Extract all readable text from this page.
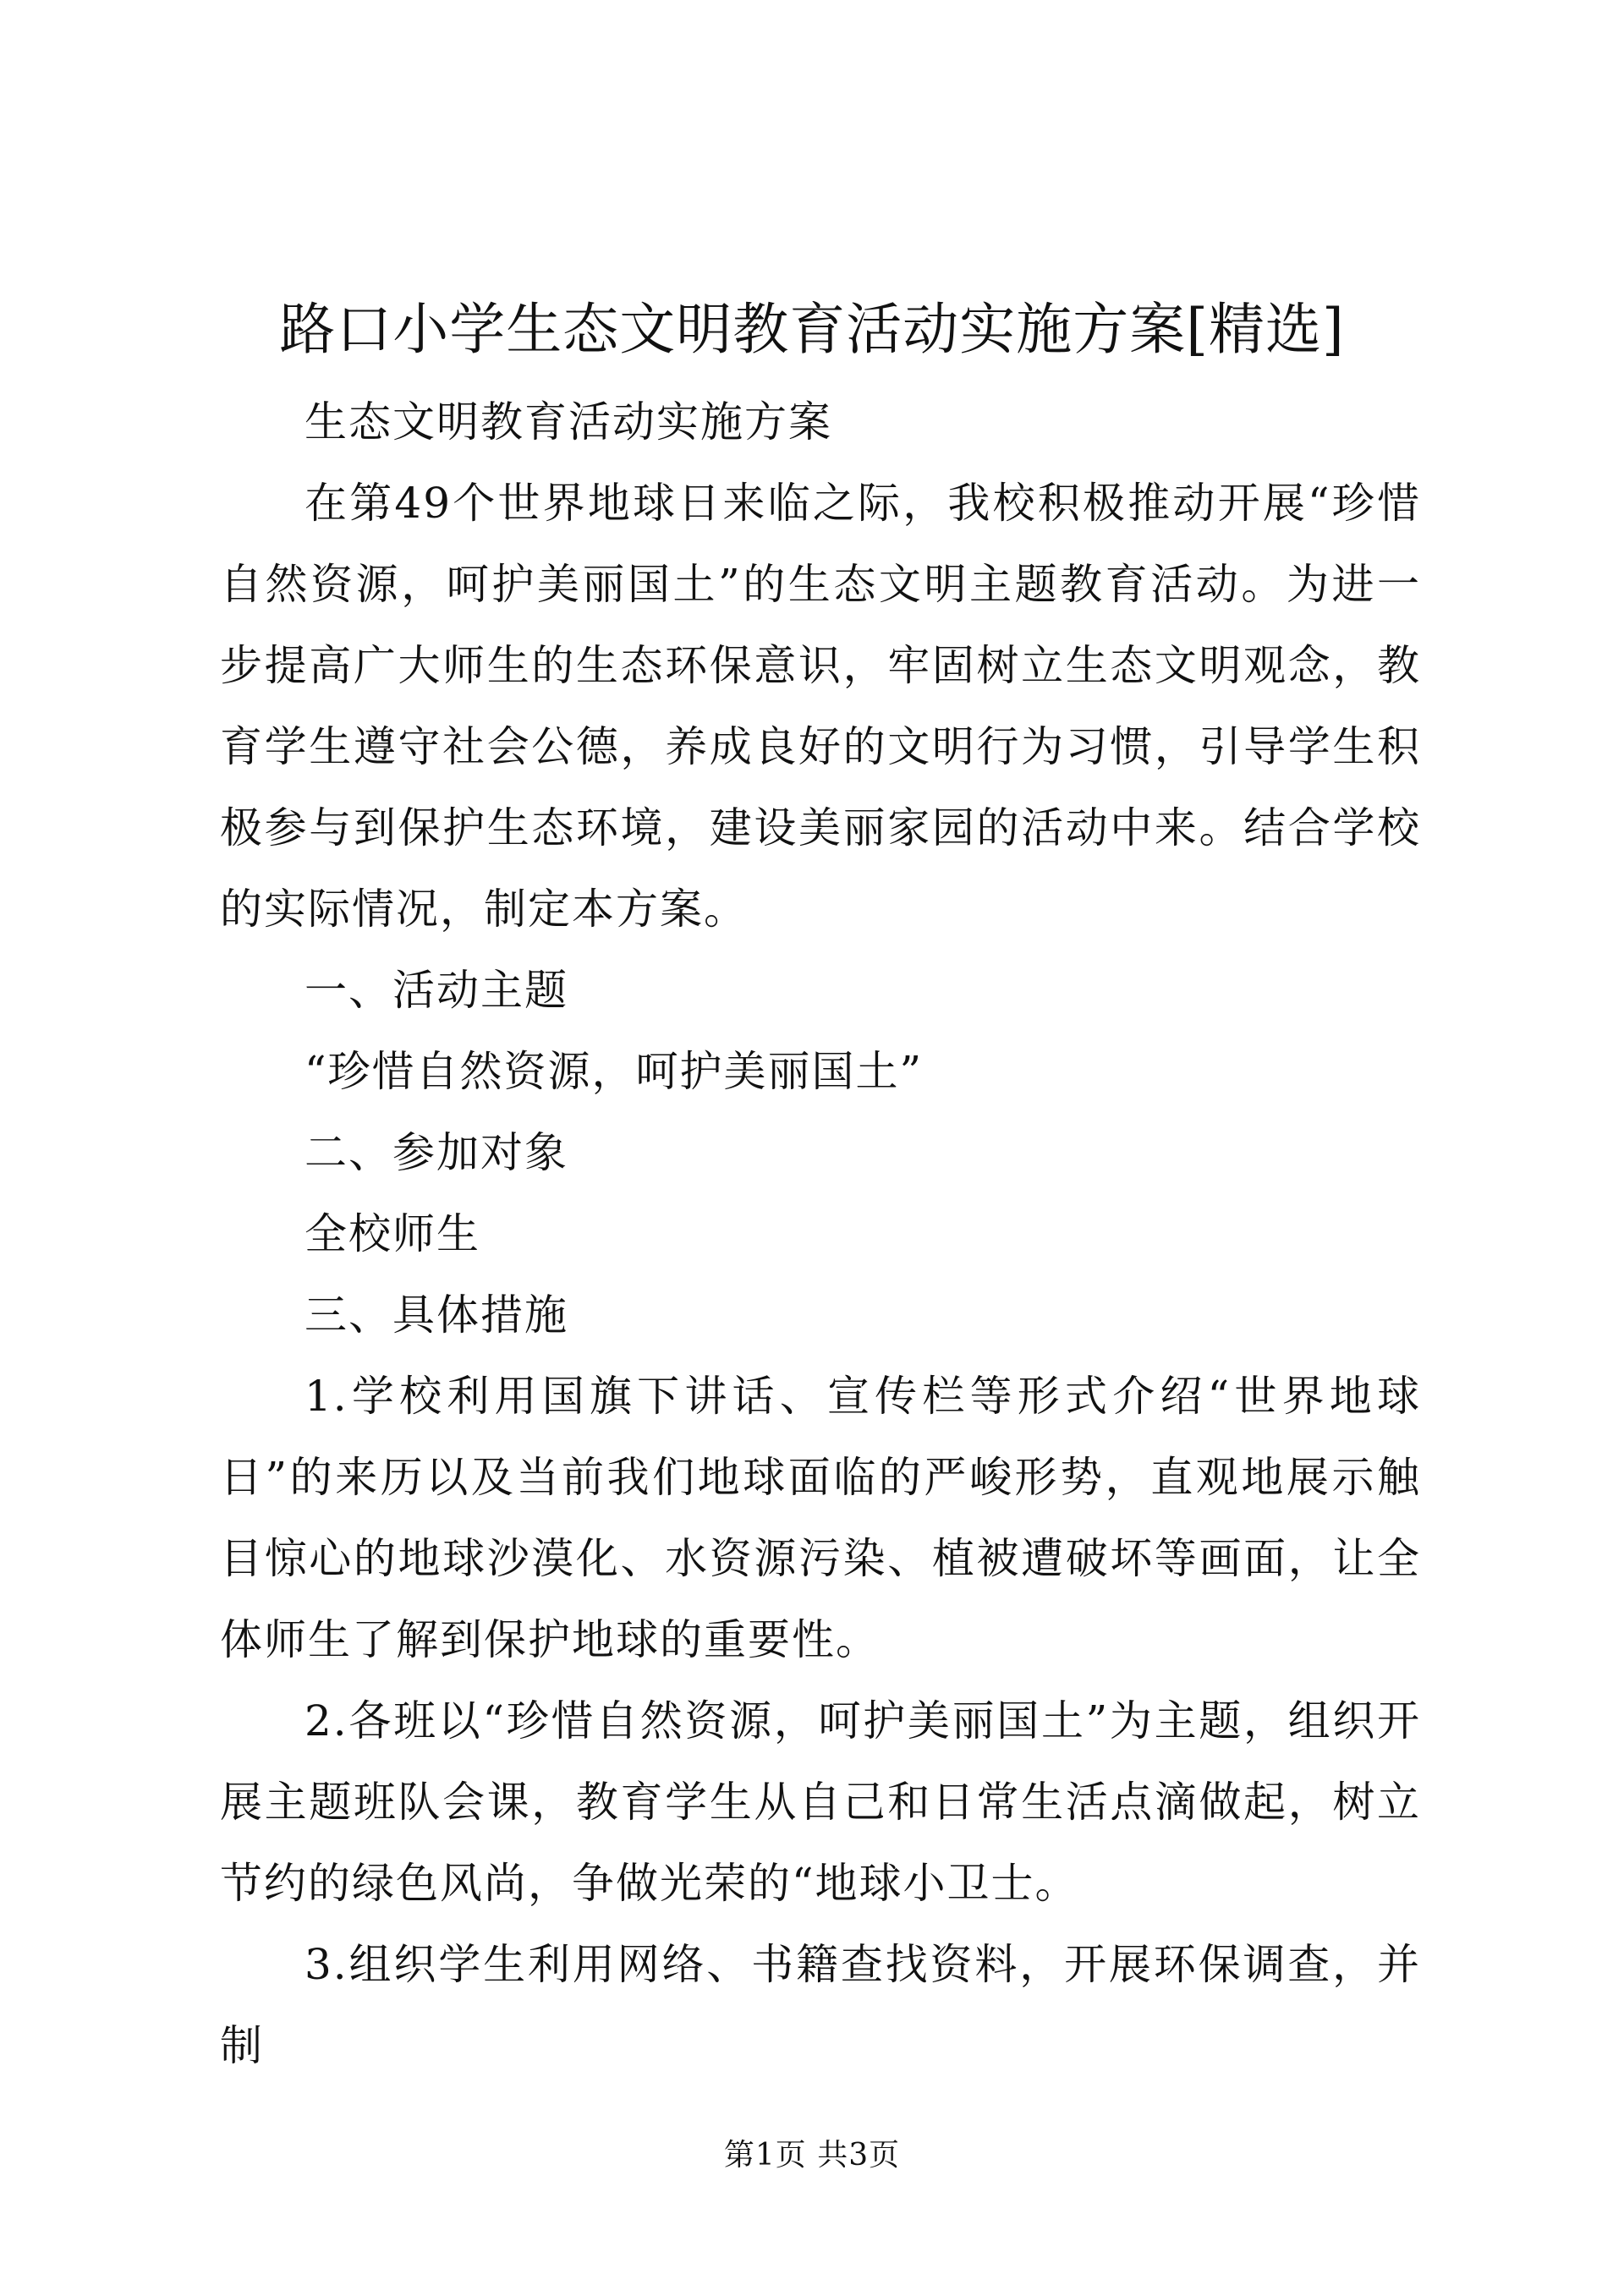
路口小学生态文明教育活动实施方案[精选]

生态文明教育活动实施方案

在第49个世界地球日来临之际，我校积极推动开展“珍惜自然资源，呵护美丽国土”的生态文明主题教育活动。为进一步提高广大师生的生态环保意识，牢固树立生态文明观念，教育学生遵守社会公德，养成良好的文明行为习惯，引导学生积极参与到保护生态环境，建设美丽家园的活动中来。结合学校的实际情况，制定本方案。

一、活动主题

“珍惜自然资源，呵护美丽国土”

二、参加对象

全校师生

三、具体措施

1.学校利用国旗下讲话、宣传栏等形式介绍“世界地球日”的来历以及当前我们地球面临的严峻形势，直观地展示触目惊心的地球沙漠化、水资源污染、植被遭破坏等画面，让全体师生了解到保护地球的重要性。

2.各班以“珍惜自然资源，呵护美丽国土”为主题，组织开展主题班队会课，教育学生从自己和日常生活点滴做起，树立节约的绿色风尚，争做光荣的“地球小卫士。

3.组织学生利用网络、书籍查找资料，开展环保调查，并制

第1页 共3页
